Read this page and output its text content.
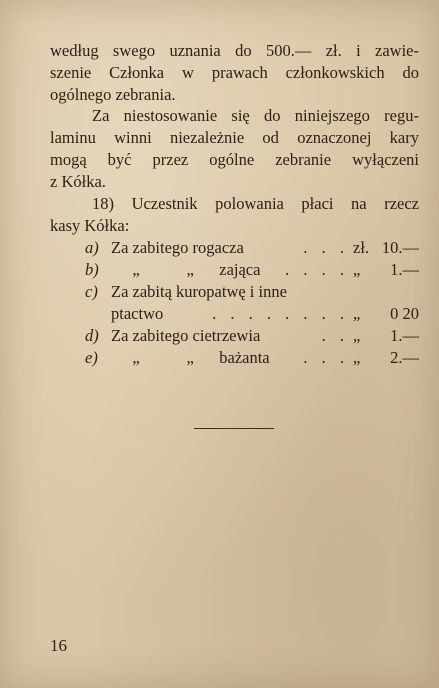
według swego uznania do 500.— zł. i zawie-
szenie Członka w prawach członkowskich do
ogólnego zebrania.
Za niestosowanie się do niniejszego regu-
laminu winni niezależnie od oznaczonej kary
mogą być przez ogólne zebranie wyłączeni
z Kółka.
18) Uczestnik polowania płaci na rzecz
kasy Kółka:
a) Za zabitego rogacza	. . . zł. 10.—
b)	„	„ zająca	. . . . „	1.—
c) Za zabitą kuropatwę i inne
ptactwo	. . . . . . . . „	0 20
d) Za zabitego cietrzewia	. . „	1.—
e)	„	„ bażanta	. . . „	2.—
16
